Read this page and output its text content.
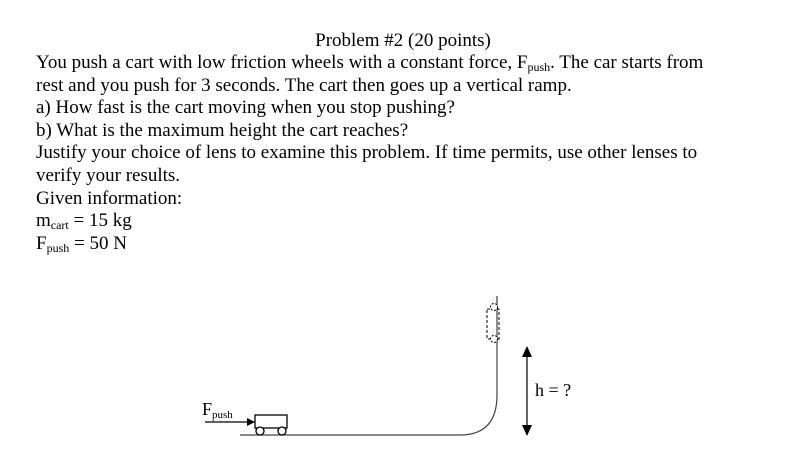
Problem #2 (20 points)
You push a cart with low friction wheels with a constant force, $F_{push}$. The car starts from
rest and you push for 3 seconds. The cart then goes up a vertical ramp.
a) How fast is the cart moving when you stop pushing?
b) What is the maximum height the cart reaches?
Justify your choice of lens to examine this problem. If time permits, use other lenses to
verify your results.
Given information:
$m_{cart} = 15$ kg
$F_{push} = 50$ N
Fpush
h = ?
